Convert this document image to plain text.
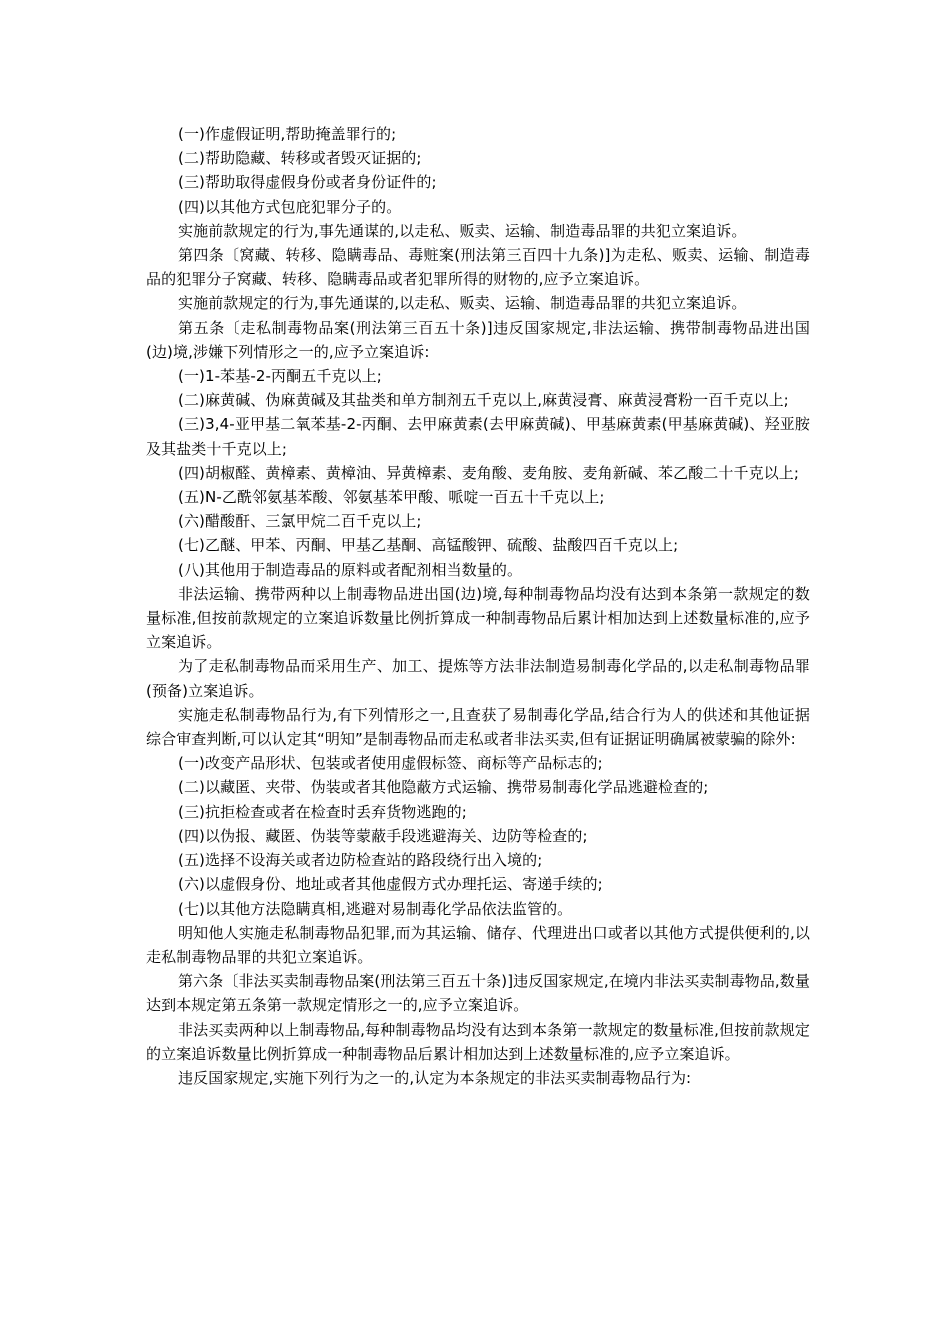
(一)作虚假证明,帮助掩盖罪行的;

(二)帮助隐藏、转移或者毁灭证据的;

(三)帮助取得虚假身份或者身份证件的;

(四)以其他方式包庇犯罪分子的。

实施前款规定的行为,事先通谋的,以走私、贩卖、运输、制造毒品罪的共犯立案追诉。

第四条〔窝藏、转移、隐瞒毒品、毒赃案(刑法第三百四十九条)]为走私、贩卖、运输、制造毒品的犯罪分子窝藏、转移、隐瞒毒品或者犯罪所得的财物的,应予立案追诉。

实施前款规定的行为,事先通谋的,以走私、贩卖、运输、制造毒品罪的共犯立案追诉。

第五条〔走私制毒物品案(刑法第三百五十条)]违反国家规定,非法运输、携带制毒物品进出国(边)境,涉嫌下列情形之一的,应予立案追诉:

(一)1-苯基-2-丙酮五千克以上;

(二)麻黄碱、伪麻黄碱及其盐类和单方制剂五千克以上,麻黄浸膏、麻黄浸膏粉一百千克以上;

(三)3,4-亚甲基二氧苯基-2-丙酮、去甲麻黄素(去甲麻黄碱)、甲基麻黄素(甲基麻黄碱)、羟亚胺及其盐类十千克以上;

(四)胡椒醛、黄樟素、黄樟油、异黄樟素、麦角酸、麦角胺、麦角新碱、苯乙酸二十千克以上;

(五)N-乙酰邻氨基苯酸、邻氨基苯甲酸、哌啶一百五十千克以上;

(六)醋酸酐、三氯甲烷二百千克以上;

(七)乙醚、甲苯、丙酮、甲基乙基酮、高锰酸钾、硫酸、盐酸四百千克以上;

(八)其他用于制造毒品的原料或者配剂相当数量的。

非法运输、携带两种以上制毒物品进出国(边)境,每种制毒物品均没有达到本条第一款规定的数量标准,但按前款规定的立案追诉数量比例折算成一种制毒物品后累计相加达到上述数量标准的,应予立案追诉。

为了走私制毒物品而采用生产、加工、提炼等方法非法制造易制毒化学品的,以走私制毒物品罪(预备)立案追诉。

实施走私制毒物品行为,有下列情形之一,且查获了易制毒化学品,结合行为人的供述和其他证据综合审查判断,可以认定其“明知”是制毒物品而走私或者非法买卖,但有证据证明确属被蒙骗的除外:

(一)改变产品形状、包装或者使用虚假标签、商标等产品标志的;

(二)以藏匿、夹带、伪装或者其他隐蔽方式运输、携带易制毒化学品逃避检查的;

(三)抗拒检查或者在检查时丢弃货物逃跑的;

(四)以伪报、藏匿、伪装等蒙蔽手段逃避海关、边防等检查的;

(五)选择不设海关或者边防检查站的路段绕行出入境的;

(六)以虚假身份、地址或者其他虚假方式办理托运、寄递手续的;

(七)以其他方法隐瞒真相,逃避对易制毒化学品依法监管的。

明知他人实施走私制毒物品犯罪,而为其运输、储存、代理进出口或者以其他方式提供便利的,以走私制毒物品罪的共犯立案追诉。

第六条〔非法买卖制毒物品案(刑法第三百五十条)]违反国家规定,在境内非法买卖制毒物品,数量达到本规定第五条第一款规定情形之一的,应予立案追诉。

非法买卖两种以上制毒物品,每种制毒物品均没有达到本条第一款规定的数量标准,但按前款规定的立案追诉数量比例折算成一种制毒物品后累计相加达到上述数量标准的,应予立案追诉。

违反国家规定,实施下列行为之一的,认定为本条规定的非法买卖制毒物品行为:
